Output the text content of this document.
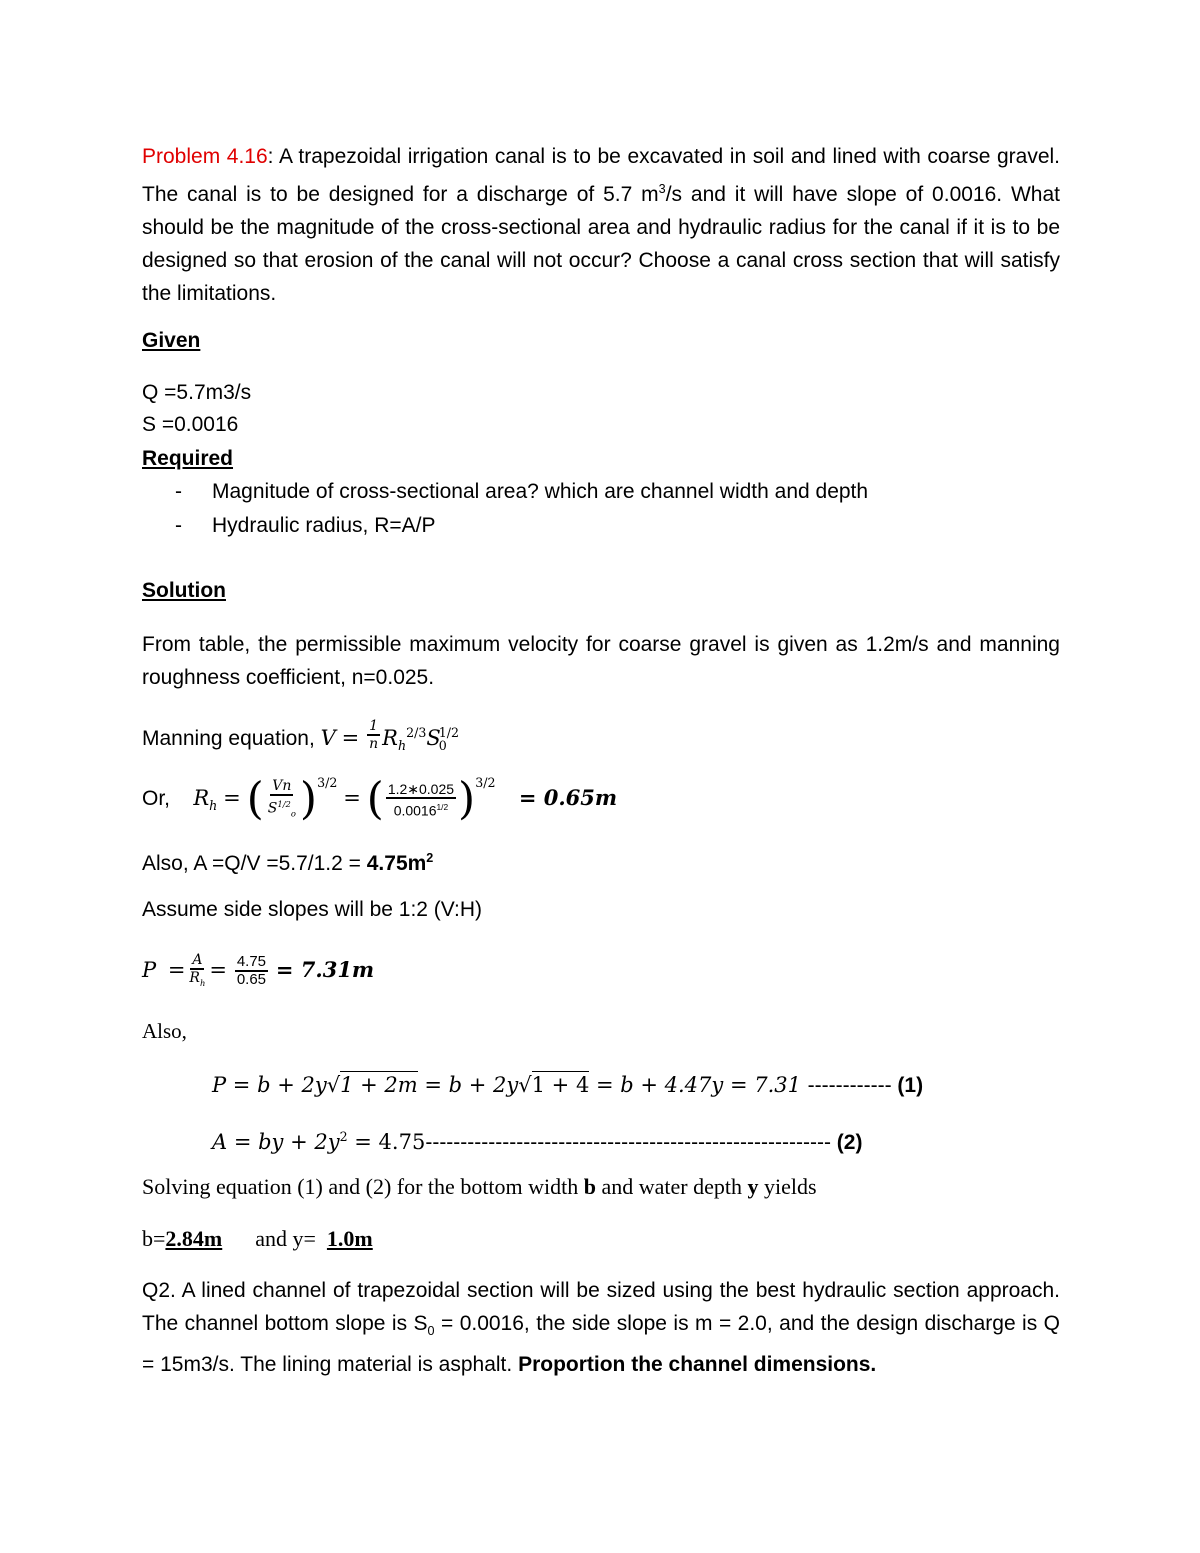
Problem 4.16: A trapezoidal irrigation canal is to be excavated in soil and lined with coarse gravel. The canal is to be designed for a discharge of 5.7 $m^3/s$ and it will have slope of 0.0016. What should be the magnitude of the cross-sectional area and hydraulic radius for the canal if it is to be designed so that erosion of the canal will not occur? Choose a canal cross section that will satisfy the limitations.
Given
Q =5.7m3/s
S =0.0016
Required
- Magnitude of cross-sectional area? which are channel width and depth
- Hydraulic radius, R=A/P
Solution
From table, the permissible maximum velocity for coarse gravel is given as 1.2m/s and manning roughness coefficient, n=0.025.
Manning equation, $V = \frac{1}{n} R_h^{2/3}S_0^{1/2}$
Or, $R_h$ = ( $\frac{Vn}{S^{1/2}_o} )^{3/2}$ = ( $\frac{1.2∗0.025}{0.0016^{1/2}} )^{3/2}$    = 0.65m
Also, $A =Q/V =5.7/1.2 = 4.75m^2$
Assume side slopes will be 1:2 (V:H)
$P = \frac{A}{R_h} = \frac{4.75}{0.65} = 7.31m$
Also,
P = b + 2y√1 + 2m = b + 2y√1 + 4 = b + 4.47y = 7.31 ------------ (1)
A = by + $2y^2 = 4.75----------------------------------------------------------$ (2)
Solving equation (1) and (2) for the bottom width b and water depth y yields
b=2.84m and y=  1.0m
Q2. A lined channel of trapezoidal section will be sized using the best hydraulic section approach. The channel bottom slope is $S_0 = 0.0016$, the side slope is m = 2.0, and the design discharge is Q = 15m3/s. The lining material is asphalt. Proportion the channel dimensions.
